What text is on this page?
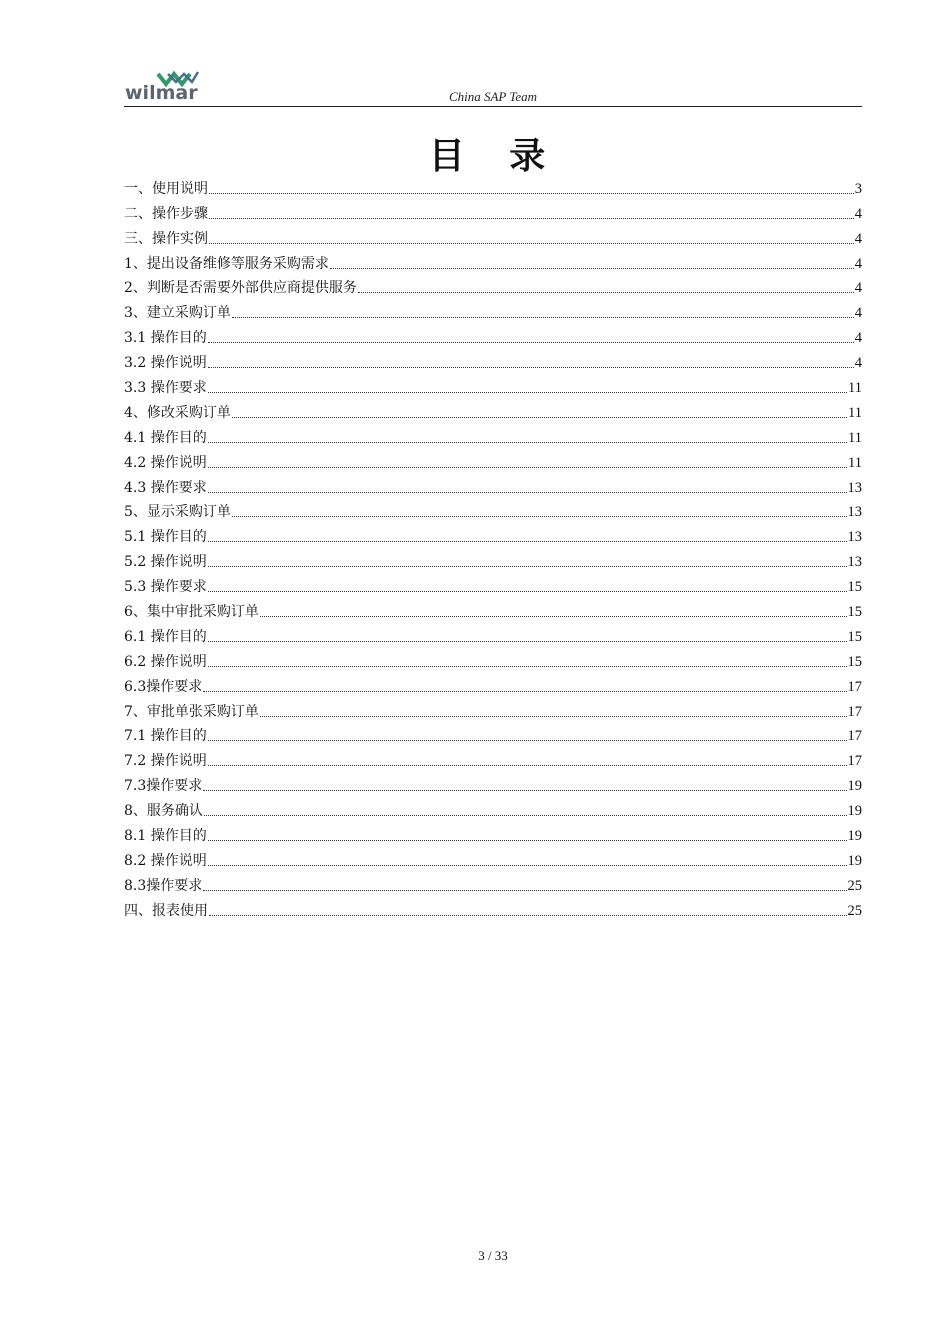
wilmar	China SAP Team
目 录
一、使用说明	3
二、操作步骤	4
三、操作实例	4
1、提出设备维修等服务采购需求	4
2、判断是否需要外部供应商提供服务	4
3、建立采购订单	4
3.1 操作目的	4
3.2 操作说明	4
3.3 操作要求	11
4、修改采购订单	11
4.1 操作目的	11
4.2 操作说明	11
4.3 操作要求	13
5、显示采购订单	13
5.1 操作目的	13
5.2 操作说明	13
5.3 操作要求	15
6、集中审批采购订单	15
6.1 操作目的	15
6.2 操作说明	15
6.3操作要求	17
7、审批单张采购订单	17
7.1 操作目的	17
7.2 操作说明	17
7.3操作要求	19
8、服务确认	19
8.1 操作目的	19
8.2 操作说明	19
8.3操作要求	25
四、报表使用	25
3 / 33
